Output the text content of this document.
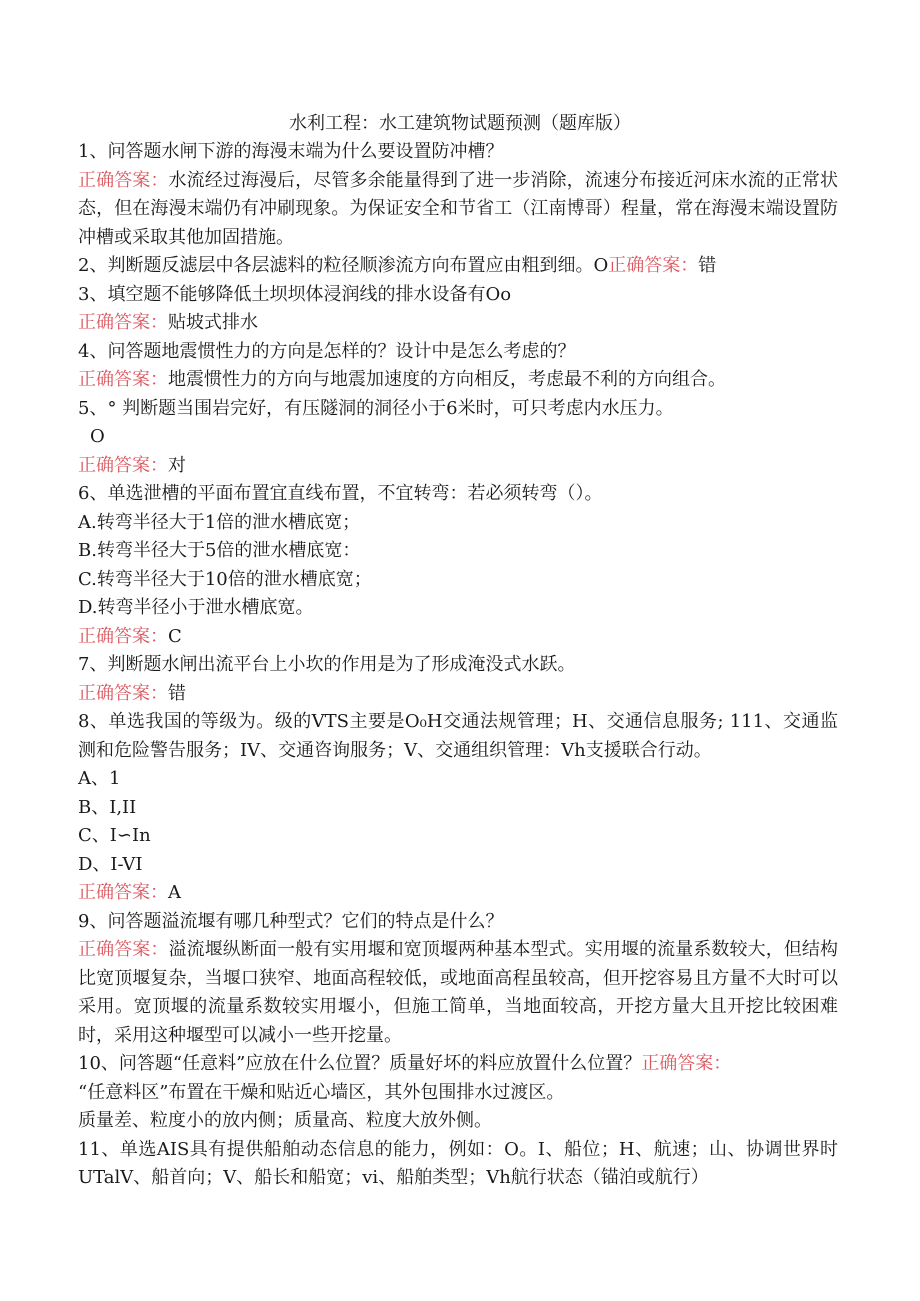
水利工程：水工建筑物试题预测（题库版）

1、问答题水闸下游的海漫末端为什么要设置防冲槽？

正确答案：水流经过海漫后，尽管多余能量得到了进一步消除，流速分布接近河床水流的正常状态，但在海漫末端仍有冲刷现象。为保证安全和节省工（江南博哥）程量，常在海漫末端设置防冲槽或采取其他加固措施。

2、判断题反滤层中各层滤料的粒径顺渗流方向布置应由粗到细。O正确答案：错

3、填空题不能够降低土坝坝体浸润线的排水设备有Oo

正确答案：贴坡式排水

4、问答题地震惯性力的方向是怎样的？设计中是怎么考虑的？

正确答案：地震惯性力的方向与地震加速度的方向相反，考虑最不利的方向组合。

5、° 判断题当围岩完好，有压隧洞的洞径小于6米时，可只考虑内水压力。

O

正确答案：对

6、单选泄槽的平面布置宜直线布置，不宜转弯：若必须转弯（）。

A.转弯半径大于1倍的泄水槽底宽；

B.转弯半径大于5倍的泄水槽底宽：

C.转弯半径大于10倍的泄水槽底宽；

D.转弯半径小于泄水槽底宽。

正确答案：C

7、判断题水闸出流平台上小坎的作用是为了形成淹没式水跃。

正确答案：错

8、单选我国的等级为。级的VTS主要是O₀H交通法规管理；H、交通信息服务; 111、交通监测和危险警告服务；IV、交通咨询服务；V、交通组织管理：Vh支援联合行动。

A、1

B、I,II

C、I∽In

D、I-VI

正确答案：A

9、问答题溢流堰有哪几种型式？它们的特点是什么？

正确答案：溢流堰纵断面一般有实用堰和宽顶堰两种基本型式。实用堰的流量系数较大，但结构比宽顶堰复杂，当堰口狭窄、地面高程较低，或地面高程虽较高，但开挖容易且方量不大时可以采用。宽顶堰的流量系数较实用堰小，但施工简单，当地面较高，开挖方量大且开挖比较困难时，采用这种堰型可以减小一些开挖量。

10、问答题“任意料”应放在什么位置？质量好坏的料应放置什么位置？正确答案：

“任意料区”布置在干燥和贴近心墙区，其外包围排水过渡区。

质量差、粒度小的放内侧；质量高、粒度大放外侧。

11、单选AIS具有提供船舶动态信息的能力，例如：O。I、船位；H、航速；山、协调世界时UTalV、船首向；V、船长和船宽；vi、船舶类型；Vh航行状态（锚泊或航行）
